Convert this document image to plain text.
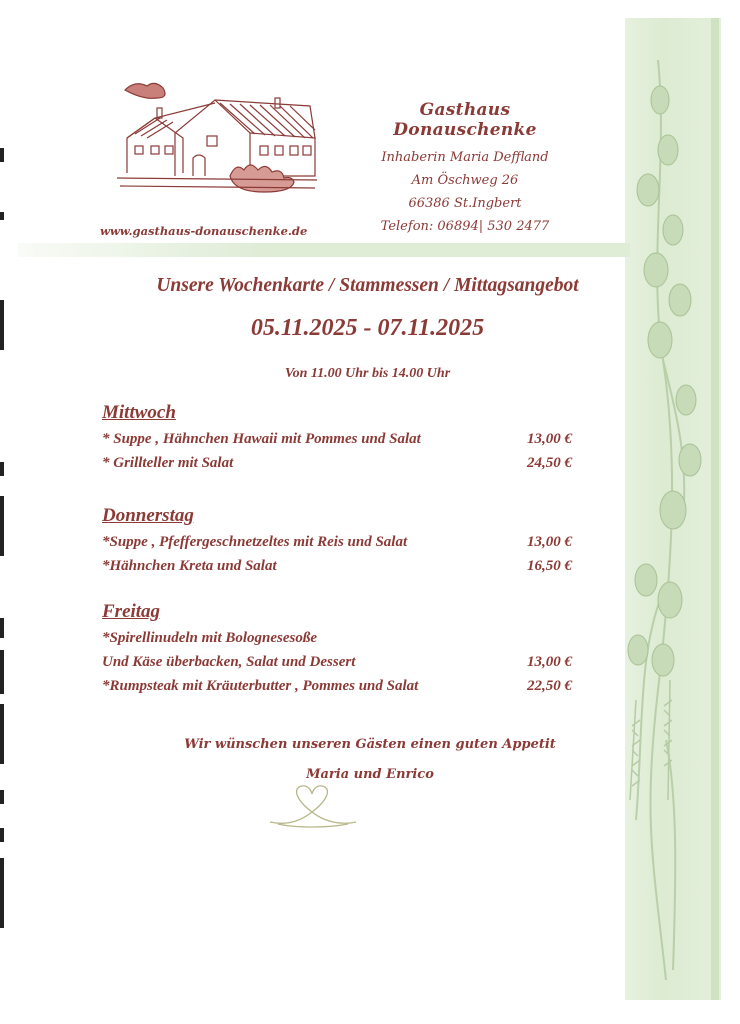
Gasthaus Donauschenke
Inhaberin Maria Deffland
Am Öschweg 26
66386 St.Ingbert
Telefon: 06894| 530 2477
www.gasthaus-donauschenke.de
Unsere Wochenkarte / Stammessen / Mittagsangebot
05.11.2025 - 07.11.2025
Von 11.00 Uhr bis 14.00 Uhr
Mittwoch
* Suppe , Hähnchen Hawaii mit Pommes und Salat	13,00 €
* Grillteller mit Salat	24,50 €
Donnerstag
*Suppe , Pfeffergeschnetzeltes mit Reis und Salat	13,00 €
*Hähnchen Kreta und Salat	16,50 €
Freitag
*Spirellinudeln mit Bolognesesoße
Und Käse überbacken, Salat und Dessert	13,00 €
*Rumpsteak mit Kräuterbutter , Pommes und Salat	22,50 €
Wir wünschen unseren Gästen einen guten Appetit
Maria und Enrico
